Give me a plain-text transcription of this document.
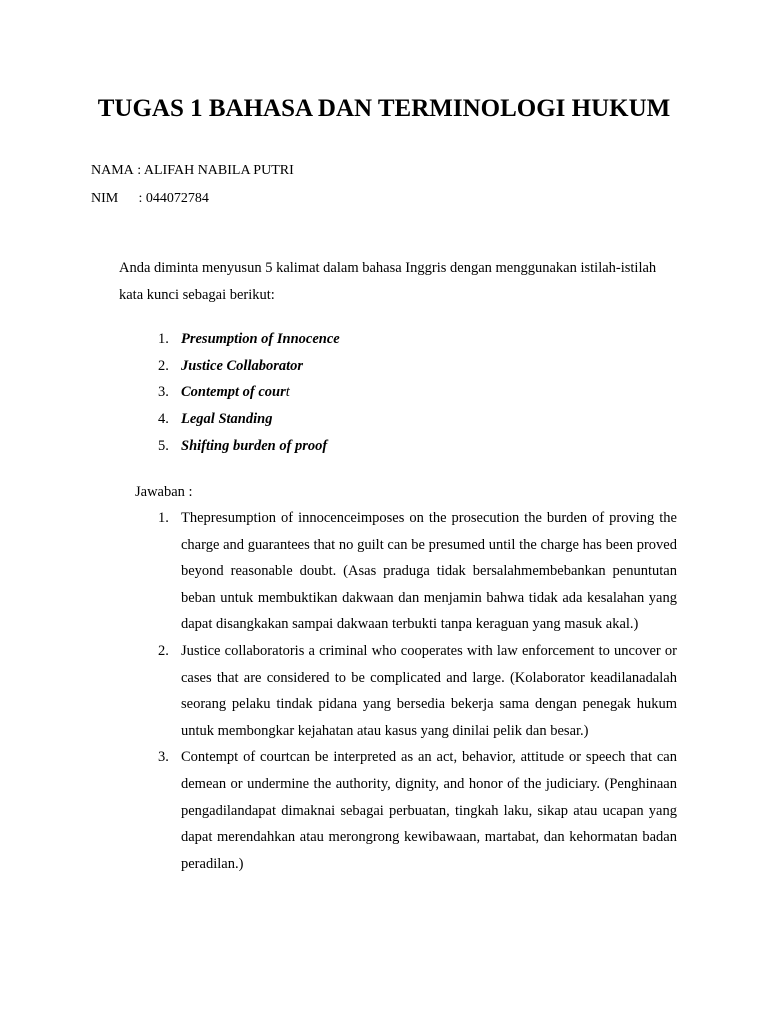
TUGAS 1 BAHASA DAN TERMINOLOGI HUKUM
NAMA : ALIFAH NABILA PUTRI
NIM : 044072784

Anda diminta menyusun 5 kalimat dalam bahasa Inggris dengan menggunakan istilah-istilah kata kunci sebagai berikut:

1. Presumption of Innocence
2. Justice Collaborator
3. Contempt of court
4. Legal Standing
5. Shifting burden of proof
Jawaban :
1. Thepresumption of innocenceimposes on the prosecution the burden of proving the charge and guarantees that no guilt can be presumed until the charge has been proved beyond reasonable doubt. (Asas praduga tidak bersalahmembebankan penuntutan beban untuk membuktikan dakwaan dan menjamin bahwa tidak ada kesalahan yang dapat disangkakan sampai dakwaan terbukti tanpa keraguan yang masuk akal.)
2. Justice collaboratoris a criminal who cooperates with law enforcement to uncover or cases that are considered to be complicated and large. (Kolaborator keadilanadalah seorang pelaku tindak pidana yang bersedia bekerja sama dengan penegak hukum untuk membongkar kejahatan atau kasus yang dinilai pelik dan besar.)
3. Contempt of courtcan be interpreted as an act, behavior, attitude or speech that can demean or undermine the authority, dignity, and honor of the judiciary. (Penghinaan pengadilandapat dimaknai sebagai perbuatan, tingkah laku, sikap atau ucapan yang dapat merendahkan atau merongrong kewibawaan, martabat, dan kehormatan badan peradilan.)
